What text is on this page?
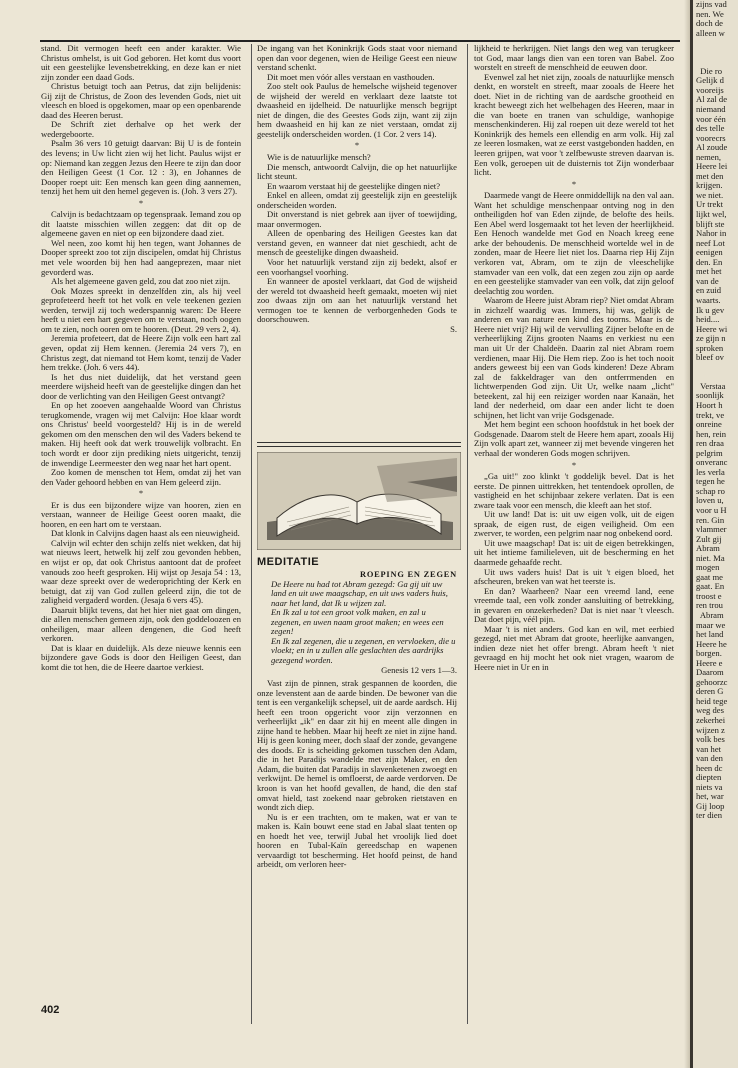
stand. Dit vermogen heeft een ander karakter. Wie Christus omhelst, is uit God geboren. Het komt dus voort uit een geestelijke levensbetrekking, en deze kan er niet zijn zonder een daad Gods.

Christus betuigt toch aan Petrus, dat zijn belijdenis: Gij zijt de Christus, de Zoon des levenden Gods, niet uit vleesch en bloed is opgekomen, maar op een openbarende daad des Heeren berust.

De Schrift ziet derhalve op het werk der wedergeboorte.

Psalm 36 vers 10 getuigt daarvan: Bij U is de fontein des levens; in Uw licht zien wij het licht. Paulus wijst er op: Niemand kan zeggen Jezus den Heere te zijn dan door den Heiligen Geest (1 Cor. 12 : 3), en Johannes de Dooper roept uit: Een mensch kan geen ding aannemen, tenzij het hem uit den hemel gegeven is. (Joh. 3 vers 27).

*

Calvijn is bedachtzaam op tegenspraak. Iemand zou op dit laatste misschien willen zeggen: dat dit op de algemeene gaven en niet op een bijzondere daad ziet.

Wel neen, zoo komt hij hen tegen, want Johannes de Dooper spreekt zoo tot zijn discipelen, omdat hij Christus met vele woorden bij hen had aangeprezen, maar niet gevorderd was.

Als het algemeene gaven geld, zou dat zoo niet zijn.

Ook Mozes spreekt in denzelfden zin, als hij veel geprofeteerd heeft tot het volk en vele teekenen gezien werden, terwijl zij toch wederspannig waren: De Heere heeft u niet een hart gegeven om te verstaan, noch oogen om te zien, noch ooren om te hooren. (Deut. 29 vers 2, 4).

Jeremia profeteert, dat de Heere Zijn volk een hart zal geven, opdat zij Hem kennen. (Jeremia 24 vers 7), en Christus zegt, dat niemand tot Hem komt, tenzij de Vader hem trekke. (Joh. 6 vers 44).

Is het dus niet duidelijk, dat het verstand geen meerdere wijsheid heeft van de geestelijke dingen dan het door de verlichting van den Heiligen Geest ontvangt?

En op het zooeven aangehaalde Woord van Christus terugkomende, vragen wij met Calvijn: Hoe klaar wordt ons Christus' beeld voorgesteld? Hij is in de wereld gekomen om den menschen den wil des Vaders bekend te maken. Hij heeft ook dat werk trouwelijk volbracht. En toch wordt er door zijn prediking niets uitgericht, tenzij de inwendige Leermeester den weg naar het hart opent.

Zoo komen de menschen tot Hem, omdat zij het van den Vader gehoord hebben en van Hem geleerd zijn.

*

Er is dus een bijzondere wijze van hooren, zien en verstaan, wanneer de Heilige Geest ooren maakt, die hooren, en een hart om te verstaan.

Dat klonk in Calvijns dagen haast als een nieuwigheid.

Calvijn wil echter den schijn zelfs niet wekken, dat hij wat nieuws leert, hetwelk hij zelf zou gevonden hebben, en wijst er op, dat ook Christus aantoont dat de profeet vanouds zoo heeft gesproken. Hij wijst op Jesaja 54 : 13, waar deze spreekt over de wederoprichting der Kerk en betuigt, dat zij van God zullen geleerd zijn, die tot de zaligheid vergaderd worden. (Jesaja 6 vers 45).

Daaruit blijkt tevens, dat het hier niet gaat om dingen, die allen menschen gemeen zijn, ook den goddeloozen en onheiligen, maar alleen dengenen, die God heeft verkoren.

Dat is klaar en duidelijk. Als deze nieuwe kennis een bijzondere gave Gods is door den Heiligen Geest, dan komt die tot hen, die de Heere daartoe verkiest.

De ingang van het Koninkrijk Gods staat voor niemand open dan voor degenen, wien de Heilige Geest een nieuw verstand schenkt.

Dit moet men vóór alles verstaan en vasthouden.

Zoo stelt ook Paulus de hemelsche wijsheid tegenover de wijsheid der wereld en verklaart deze laatste tot dwaasheid en ijdelheid. De natuurlijke mensch begrijpt niet de dingen, die des Geestes Gods zijn, want zij zijn hem dwaasheid en hij kan ze niet verstaan, omdat zij geestelijk onderscheiden worden. (1 Cor. 2 vers 14).

*

Wie is de natuurlijke mensch?

Die mensch, antwoordt Calvijn, die op het natuurlijke licht steunt.

En waarom verstaat hij de geestelijke dingen niet?

Enkel en alleen, omdat zij geestelijk zijn en geestelijk onderscheiden worden.

Dit onverstand is niet gebrek aan ijver of toewijding, maar onvermogen.

Alleen de openbaring des Heiligen Geestes kan dat verstand geven, en wanneer dat niet geschiedt, acht de mensch de geestelijke dingen dwaasheid.

Voor het natuurlijk verstand zijn zij bedekt, alsof er een voorhangsel voorhing.

En wanneer de apostel verklaart, dat God de wijsheid der wereld tot dwaasheid heeft gemaakt, moeten wij niet zoo dwaas zijn om aan het natuurlijk verstand het vermogen toe te kennen de verborgenheden Gods te doorschouwen.

S.

MEDITATIE

ROEPING EN ZEGEN

De Heere nu had tot Abram gezegd: Ga gij uit uw land en uit uwe maagschap, en uit uws vaders huis, naar het land, dat Ik u wijzen zal.

En Ik zal u tot een groot volk maken, en zal u zegenen, en uwen naam groot maken; en wees een zegen!

En Ik zal zegenen, die u zegenen, en vervloeken, die u vloekt; en in u zullen alle geslachten des aardrijks gezegend worden.

Genesis 12 vers 1—3.

Vast zijn de pinnen, strak gespannen de koorden, die onze levenstent aan de aarde binden. De bewoner van die tent is een vergankelijk schepsel, uit de aarde aardsch. Hij heeft een troon opgericht voor zijn verzonnen en verheerlijkt „ik" en daar zit hij en meent alle dingen in zijne hand te hebben. Maar hij heeft ze niet in zijne hand. Hij is geen koning meer, doch slaaf der zonde, gevangene des doods. Er is scheiding gekomen tusschen den Adam, die in het Paradijs wandelde met zijn Maker, en den Adam, die buiten dat Paradijs in slavenketenen zwoegt en verkwijnt. De hemel is omfloerst, de aarde verdorven. De kroon is van het hoofd gevallen, de hand, die den staf omvat hield, tast zoekend naar gebroken rietstaven en wondt zich diep.

Nu is er een trachten, om te maken, wat er van te maken is. Kaïn bouwt eene stad en Jabal slaat tenten op en hoedt het vee, terwijl Jubal het vroolijk lied doet hooren en Tubal-Kaïn gereedschap en wapenen vervaardigt tot bescherming. Het hoofd peinst, de hand arbeidt, om verloren heer-

lijkheid te herkrijgen. Niet langs den weg van terugkeer tot God, maar langs dien van een toren van Babel. Zoo worstelt en streeft de menschheid de eeuwen door.

Evenwel zal het niet zijn, zooals de natuurlijke mensch denkt, en worstelt en streeft, maar zooals de Heere het doet. Niet in de richting van de aardsche grootheid en kracht beweegt zich het welbehagen des Heeren, maar in die van boete en tranen van schuldige, wanhopige menschenkinderen. Hij zal roepen uit deze wereld tot het Koninkrijk des hemels een ellendig en arm volk. Hij zal ze leeren losmaken, wat ze eerst vastgebonden hadden, en leeren grijpen, wat voor 't zelfbewuste streven daarvan is. Een volk, geroepen uit de duisternis tot Zijn wonderbaar licht.

*

Daarmede vangt de Heere onmiddellijk na den val aan. Want het schuldige menschenpaar ontving nog in den ontheiligden hof van Eden zijnde, de belofte des heils. Een Abel werd losgemaakt tot het leven der heerlijkheid. Een Henoch wandelde met God en Noach kreeg eene arke der behoudenis. De menschheid wortelde wel in de zonden, maar de Heere liet niet los. Daarna riep Hij Zijn verkoren vat, Abram, om te zijn de vleeschelijke stamvader van een volk, dat een zegen zou zijn op aarde en een geestelijke stamvader van een volk, dat zijn geloof deelachtig zou worden.

Waarom de Heere juist Abram riep? Niet omdat Abram in zichzelf waardig was. Immers, hij was, gelijk de anderen en van nature een kind des toorns. Maar is de Heere niet vrij? Hij wil de vervulling Zijner belofte en de verheerlijking Zijns grooten Naams en verkiest nu een man uit Ur der Chaldeën. Daarin zal niet Abram roem verdienen, maar Hij. Die Hem riep. Zoo is het toch nooit anders geweest bij een van Gods kinderen! Deze Abram zal de fakkeldrager van den ontferrmenden en lichtwerpenden God zijn. Uit Ur, welke naam „licht" beteekent, zal hij een reiziger worden naar Kanaän, het land der nederheid, om daar een ander licht te doen schijnen, het licht van vrije Godsgenade.

Met hem begint een schoon hoofdstuk in het boek der Godsgenade. Daarom stelt de Heere hem apart, zooals Hij Zijn volk apart zet, wanneer zij met bevende vingeren het verhaal der wonderen Gods mogen schrijven.

*

„Ga uit!" zoo klinkt 't goddelijk bevel. Dat is het eerste. De pinnen uittrekken, het tentendoek oprollen, de vastigheid en het schijnbaar zekere verlaten. Dat is een zware taak voor een mensch, die kleeft aan het stof.

Uit uw land! Dat is: uit uw eigen volk, uit de eigen spraak, de eigen rust, de eigen veiligheid. Om een zwerver, te worden, een pelgrim naar nog onbekend oord.

Uit uwe maagschap! Dat is: uit de eigen betrekkingen, uit het intieme familieleven, uit de bescherming en het daarmede gehaafde recht.

Uit uws vaders huis! Dat is uit 't eigen bloed, het afscheuren, breken van wat het teerste is.

En dan? Waarheen? Naar een vreemd land, eene vreemde taal, een volk zonder aansluiting of betrekking, in gevaren en onzekerheden? Dat is niet naar 't vleesch. Dat doet pijn, véél pijn.

Maar 't is niet anders. God kan en wil, met eerbied gezegd, niet met Abram dat groote, heerlijke aanvangen, indien deze niet het offer brengt. Abram heeft 't niet gevraagd en hij mocht het ook niet vragen, waarom de Heere niet in Ur en in

402
zijns vad
nen. We
doch de
alleen w

Die ro
Gelijk d
vooreijs
Al zal de
niemand
voor één
des telle
voorecrs
Al zoude
nemen,
Heere lei
met den
krijgen.
we niet.
Ur trekt
lijkt wel,
blijft ste
Nahor in
neef Lot
eenigen
den. En
met het
van de
en zuid
waarts.
Ik u gev
heid....
Heere wi
ze gijn n
sproken
bleef ov

Verstaa
soonlijk
Hoort h
trekt, ve
onreine
hen, rein
ren draa
pelgrim
onveranc
les verla
tegen he
schap ro
loven u,
voor u H
ren. Gin
vlammer
Zult gij
Abram
niet. Ma
mogen
gaat me
gaat. En
troost e
ren trou
Abram
maar we
het land
Heere he
borgen.
Heere e
Daarom
gehoorzc
deren G
heid tege
weg des
zekerhei
wijzen z
volk bes
van het
van den
heen dc
diepten
niets va
het, war
Gij loop
ter dien
